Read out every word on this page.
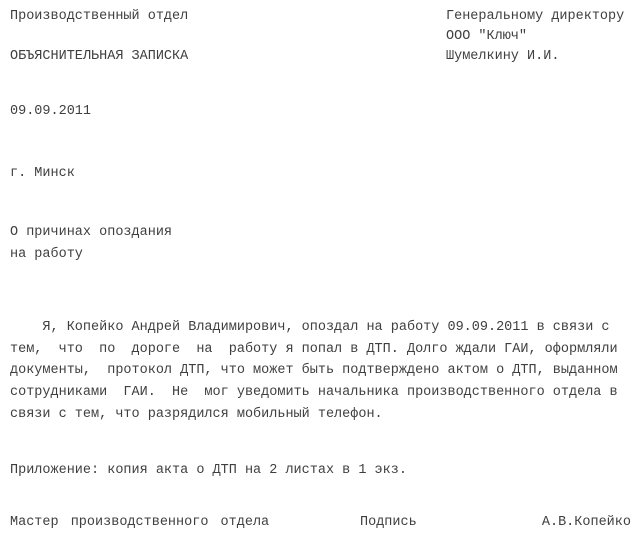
Производственный отдел
ОБЪЯСНИТЕЛЬНАЯ ЗАПИСКА
Генеральному директору
ООО "Ключ"
Шумелкину И.И.
09.09.2011
г. Минск
О причинах опоздания
на работу
Я, Копейко Андрей Владимирович, опоздал на работу 09.09.2011 в связи с
тем,  что  по  дороге  на  работу я попал в ДТП. Долго ждали ГАИ, оформляли
документы,  протокол ДТП, что может быть подтверждено актом о ДТП, выданном
сотрудниками  ГАИ.  Не  мог уведомить начальника производственного отдела в
связи с тем, что разрядился мобильный телефон.
Приложение: копия акта о ДТП на 2 листах в 1 экз.
Мастер производственного отдела	Подпись	А.В.Копейко
